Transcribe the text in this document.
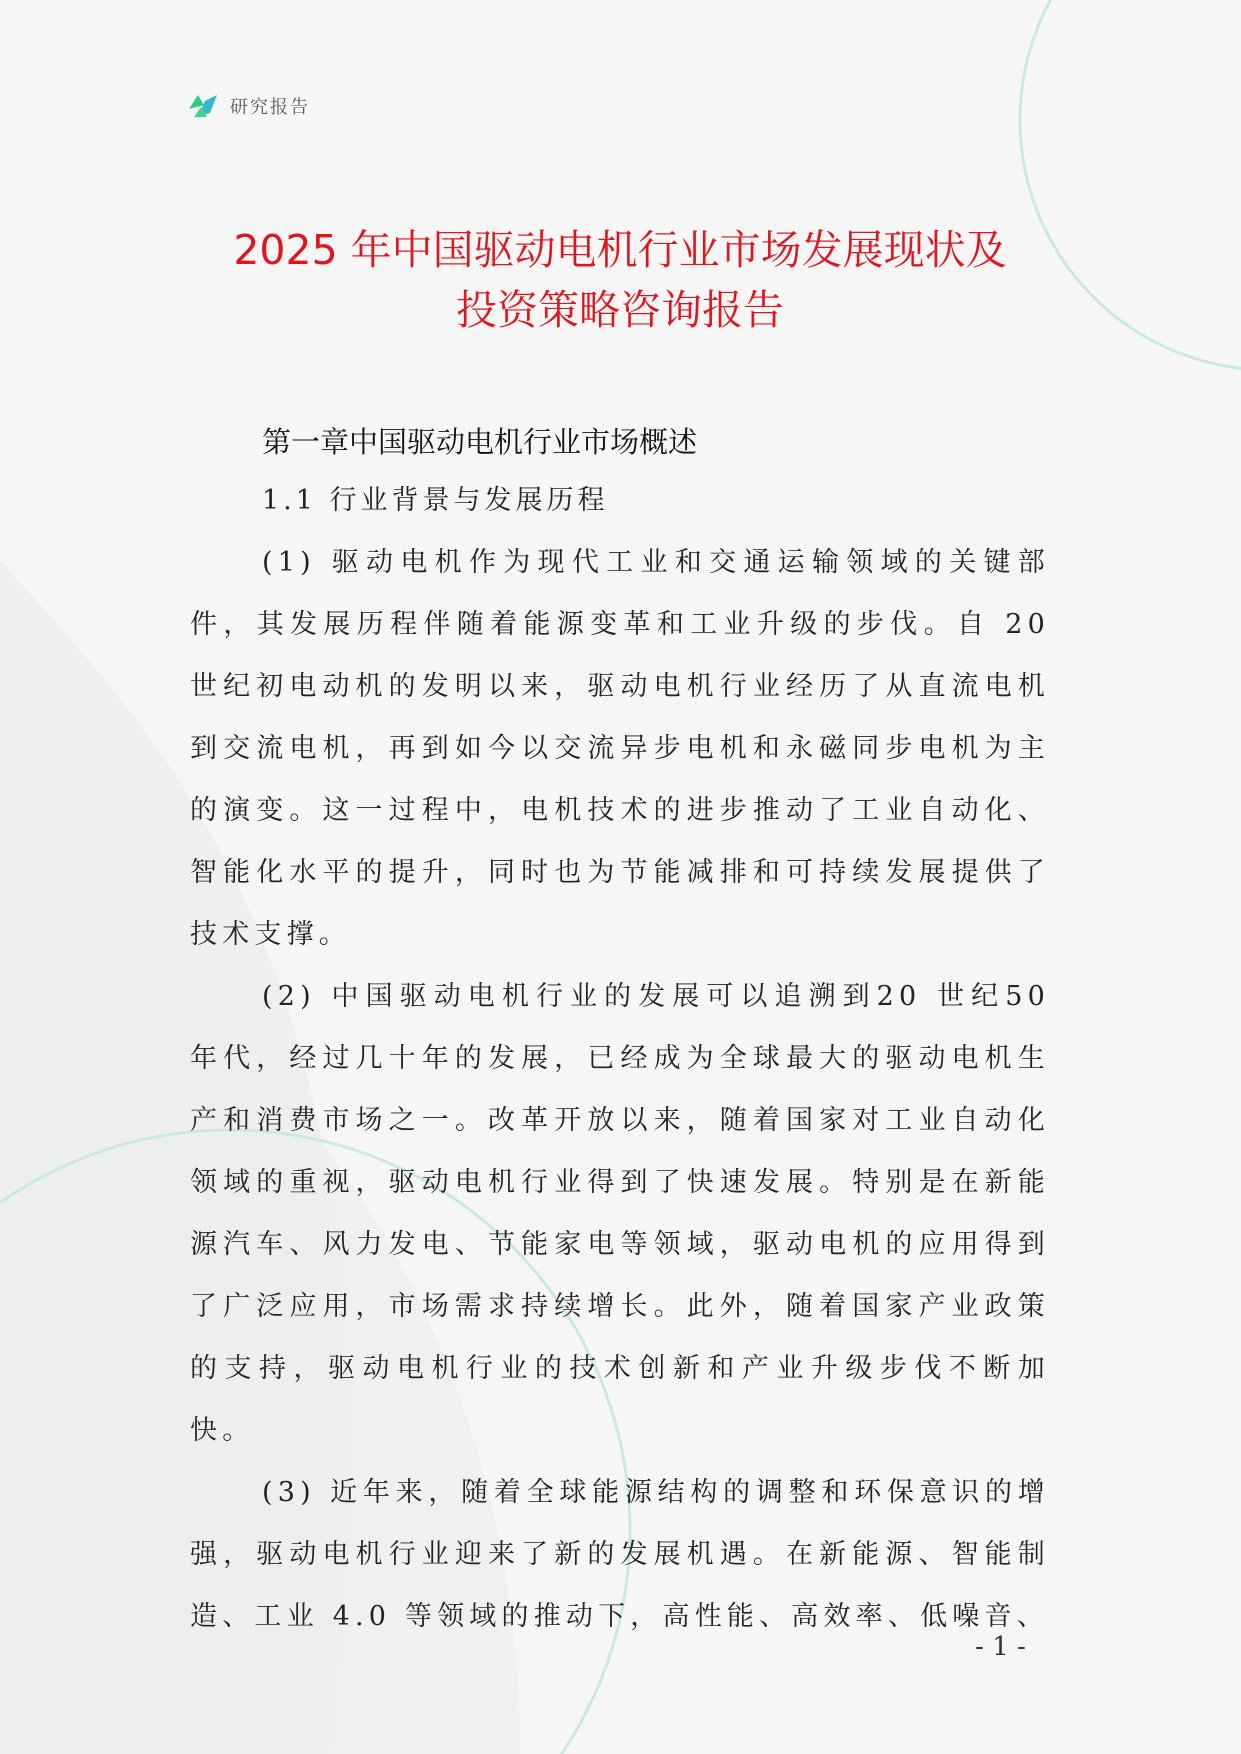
研究报告
2025 年中国驱动电机行业市场发展现状及
投资策略咨询报告
第一章中国驱动电机行业市场概述
1.1 行业背景与发展历程

(1) 驱动电机作为现代工业和交通运输领域的关键部件，其发展历程伴随着能源变革和工业升级的步伐。自 20 世纪初电动机的发明以来，驱动电机行业经历了从直流电机到交流电机，再到如今以交流异步电机和永磁同步电机为主的演变。这一过程中，电机技术的进步推动了工业自动化、智能化水平的提升，同时也为节能减排和可持续发展提供了技术支撑。

(2) 中国驱动电机行业的发展可以追溯到20 世纪50 年代，经过几十年的发展，已经成为全球最大的驱动电机生产和消费市场之一。改革开放以来，随着国家对工业自动化领域的重视，驱动电机行业得到了快速发展。特别是在新能源汽车、风力发电、节能家电等领域，驱动电机的应用得到了广泛应用，市场需求持续增长。此外，随着国家产业政策的支持，驱动电机行业的技术创新和产业升级步伐不断加快。

(3) 近年来，随着全球能源结构的调整和环保意识的增强，驱动电机行业迎来了新的发展机遇。在新能源、智能制造、工业 4.0 等领域的推动下，高性能、高效率、低噪音、

- 1 -
